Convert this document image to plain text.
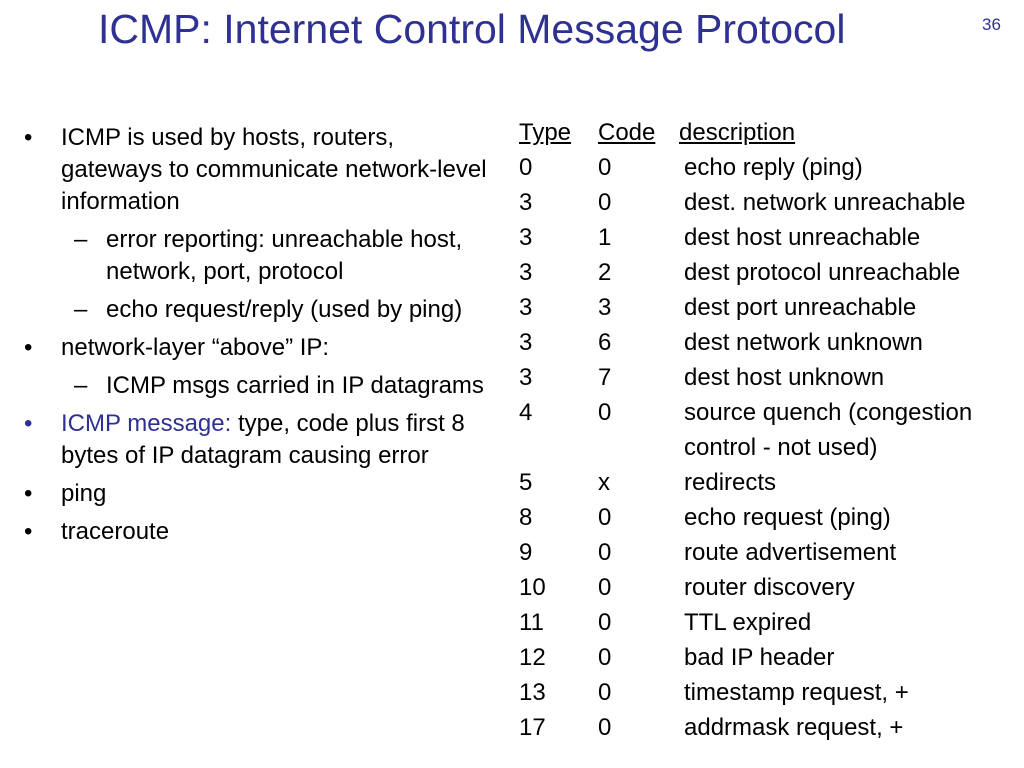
ICMP: Internet Control Message Protocol	36
• ICMP is used by hosts, routers, gateways to communicate network-level information
– error reporting: unreachable host, network, port, protocol
– echo request/reply (used by ping)
• network-layer “above” IP:
– ICMP msgs carried in IP datagrams
• ICMP message: type, code plus first 8 bytes of IP datagram causing error
• ping
• traceroute
Type Code description
0	0	echo reply (ping)
3	0	dest. network unreachable
3	1	dest host unreachable
3	2	dest protocol unreachable
3	3	dest port unreachable
3	6	dest network unknown
3	7	dest host unknown
4	0	source quench (congestion
control - not used)
5	x	redirects
8	0	echo request (ping)
9	0	route advertisement
10 0	router discovery
11 0	TTL expired
12 0	bad IP header
13 0	timestamp request, +
17 0	addrmask request, +
